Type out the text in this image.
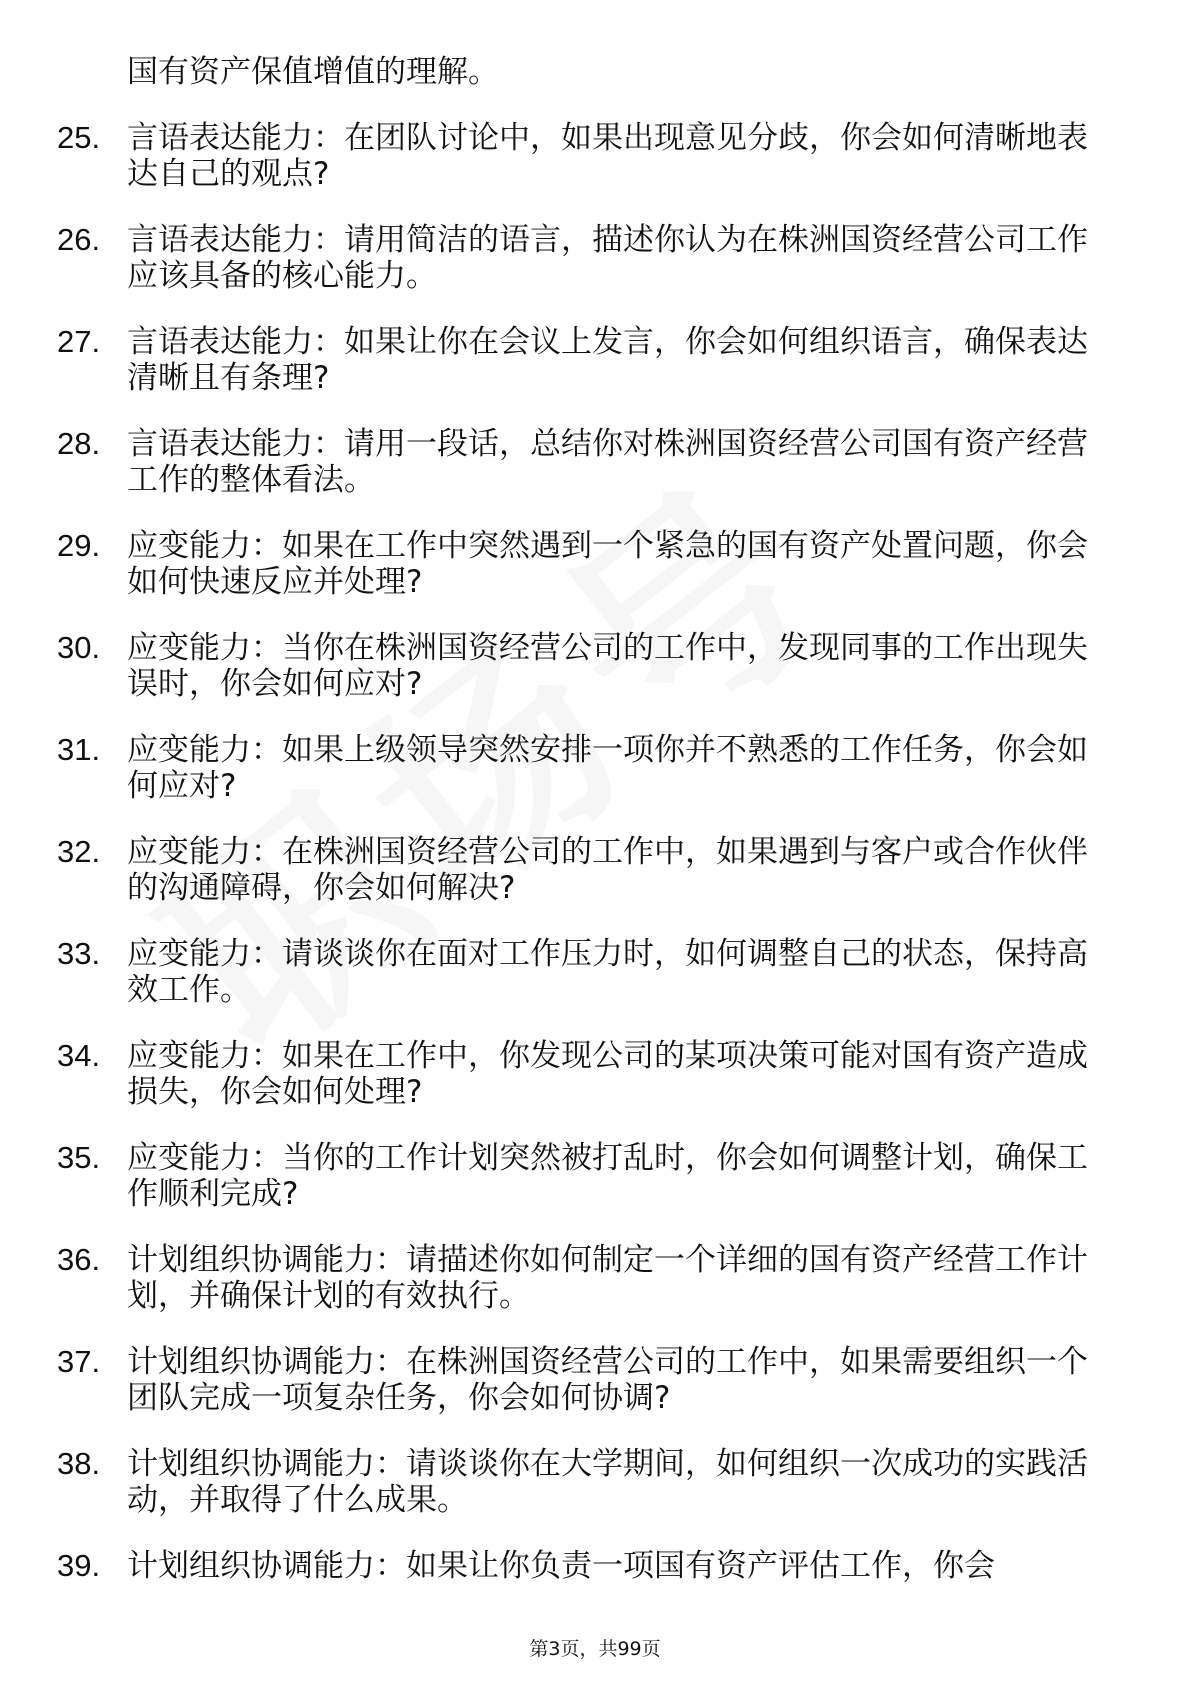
国有资产保值增值的理解。

25. 言语表达能力 ： 在团队讨论中，如果出现意见分歧，你会如何清晰地表达自己的观点?
26. 言语表达能力 ： 请用简洁的语言，描述你认为在株洲国资经营公司工作应该具备的核心能力。
27. 言语表达能力 ： 如果让你在会议上发言，你会如何组织语言，确保表达清晰且有条理?
28. 言语表达能力 ： 请用一段话，总结你对株洲国资经营公司国有资产经营工作的整体看法。
29. 应变能力 ： 如果在工作中突然遇到一个紧急的国有资产处置问题，你会如何快速反应并处理?
30. 应变能力 ： 当你在株洲国资经营公司的工作中，发现同事的工作出现失误时，你会如何应对?
31. 应变能力 ： 如果上级领导突然安排一项你并不熟悉的工作任务，你会如何应对?
32. 应变能力 ： 在株洲国资经营公司的工作中，如果遇到与客户或合作伙伴的沟通障碍，你会如何解决?
33. 应变能力 ： 请谈谈你在面对工作压力时，如何调整自己的状态，保持高效工作。
34. 应变能力 ： 如果在工作中，你发现公司的某项决策可能对国有资产造成损失，你会如何处理?
35. 应变能力 ： 当你的工作计划突然被打乱时，你会如何调整计划，确保工作顺利完成?
36. 计划组织协调能力 ： 请描述你如何制定一个详细的国有资产经营工作计划，并确保计划的有效执行。
37. 计划组织协调能力 ： 在株洲国资经营公司的工作中，如果需要组织一个团队完成一项复杂任务，你会如何协调?
38. 计划组织协调能力 ： 请谈谈你在大学期间，如何组织一次成功的实践活动，并取得了什么成果。
39. 计划组织协调能力 ： 如果让你负责一项国有资产评估工作，你会
第3页，共99页
